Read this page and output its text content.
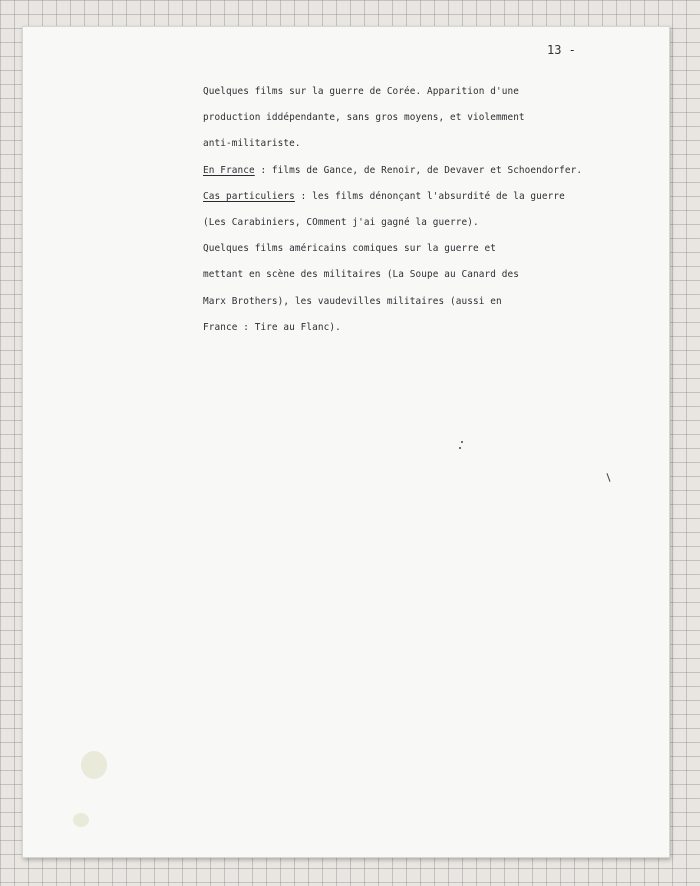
13 -
Quelques films sur la guerre de Corée. Apparition d'une
production iddépendante, sans gros moyens, et violemment
anti-militariste.
En France : films de Gance, de Renoir, de Devaver et Schoendorfer.
Cas particuliers : les films dénonçant l'absurdité de la guerre
(Les Carabiniers, COmment j'ai gagné la guerre).
Quelques films américains comiques sur la guerre et
mettant en scène des militaires (La Soupe au Canard des
Marx Brothers), les vaudevilles militaires (aussi en
France : Tire au Flanc).
